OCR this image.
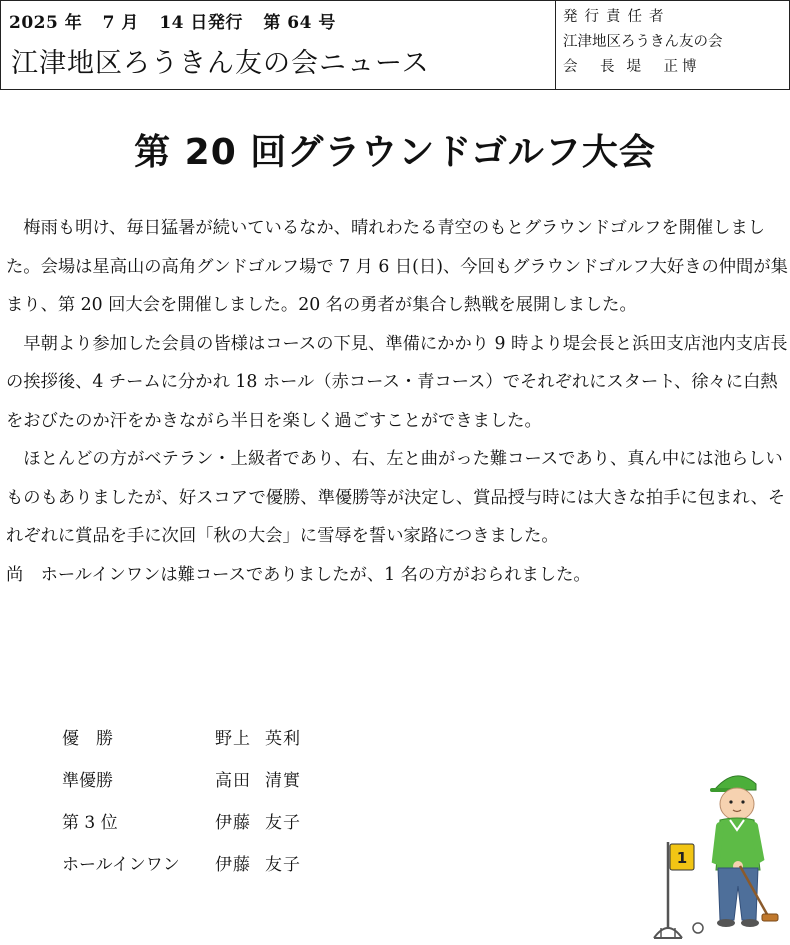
2025 年 7 月 14 日発行 第 64 号
江津地区ろうきん友の会ニュース
発行責任者
江津地区ろうきん友の会
会　長 堤　正博
第 20 回グラウンドゴルフ大会

梅雨も明け、毎日猛暑が続いているなか、晴れわたる青空のもとグラウンドゴルフを開催しました。会場は星高山の高角グンドゴルフ場で 7 月 6 日(日)、今回もグラウンドゴルフ大好きの仲間が集まり、第 20 回大会を開催しました。20 名の勇者が集合し熱戦を展開しました。

早朝より参加した会員の皆様はコースの下見、準備にかかり 9 時より堤会長と浜田支店池内支店長の挨拶後、4 チームに分かれ 18 ホール（赤コース・青コース）でそれぞれにスタート、徐々に白熱をおびたのか汗をかきながら半日を楽しく過ごすことができました。

ほとんどの方がベテラン・上級者であり、右、左と曲がった難コースであり、真ん中には池らしいものもありましたが、好スコアで優勝、準優勝等が決定し、賞品授与時には大きな拍手に包まれ、それぞれに賞品を手に次回「秋の大会」に雪辱を誓い家路につきました。

尚　ホールインワンは難コースでありましたが、1 名の方がおられました。

優　勝	野上 英利
準優勝	高田 清實
第 3 位	伊藤 友子
ホールインワン 伊藤 友子	1
